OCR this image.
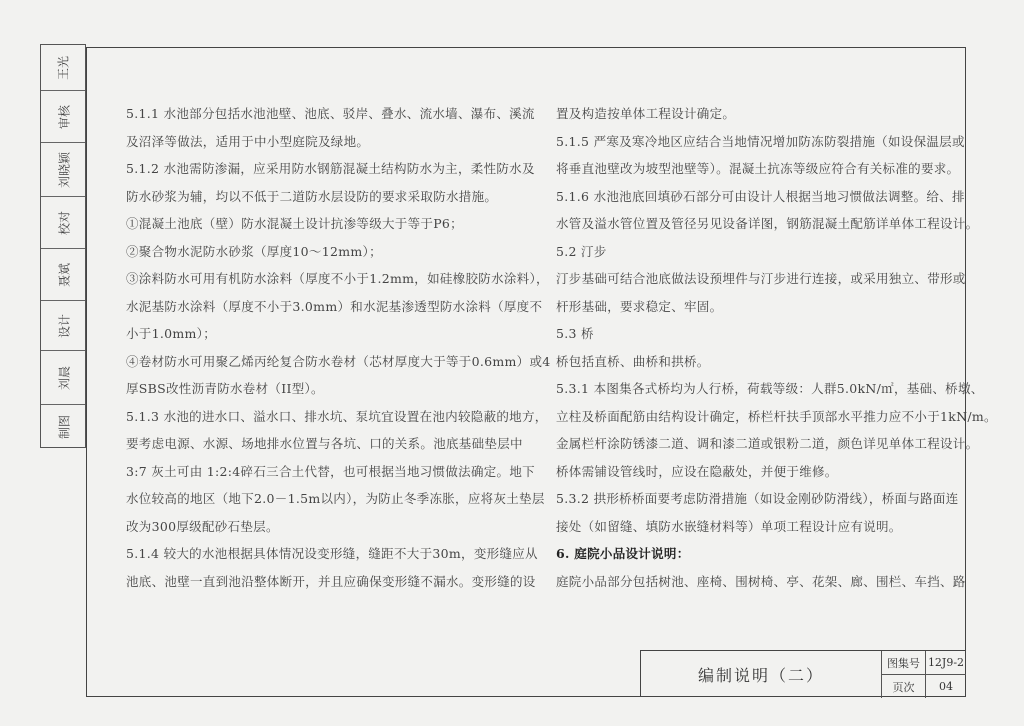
王光
审核
刘晓颖
校对
聂斌
设计
刘晨
制图

5.1.1 水池部分包括水池池壁、池底、驳岸、叠水、流水墙、瀑布、溪流

及沼泽等做法，适用于中小型庭院及绿地。

5.1.2 水池需防渗漏，应采用防水钢筋混凝土结构防水为主，柔性防水及

防水砂浆为辅，均以不低于二道防水层设防的要求采取防水措施。

①混凝土池底（壁）防水混凝土设计抗渗等级大于等于P6；

②聚合物水泥防水砂浆（厚度10～12mm）；

③涂料防水可用有机防水涂料（厚度不小于1.2mm，如硅橡胶防水涂料），

水泥基防水涂料（厚度不小于3.0mm）和水泥基渗透型防水涂料（厚度不

小于1.0mm）；

④卷材防水可用聚乙烯丙纶复合防水卷材（芯材厚度大于等于0.6mm）或4

厚SBS改性沥青防水卷材（II型）。

5.1.3 水池的进水口、溢水口、排水坑、泵坑宜设置在池内较隐蔽的地方，

要考虑电源、水源、场地排水位置与各坑、口的关系。池底基础垫层中

3:7 灰土可由 1:2:4碎石三合土代替，也可根据当地习惯做法确定。地下

水位较高的地区（地下2.0－1.5m以内），为防止冬季冻胀，应将灰土垫层

改为300厚级配砂石垫层。

5.1.4 较大的水池根据具体情况设变形缝，缝距不大于30m，变形缝应从

池底、池壁一直到池沿整体断开，并且应确保变形缝不漏水。变形缝的设

置及构造按单体工程设计确定。

5.1.5 严寒及寒冷地区应结合当地情况增加防冻防裂措施（如设保温层或

将垂直池壁改为坡型池壁等）。混凝土抗冻等级应符合有关标准的要求。

5.1.6 水池池底回填砂石部分可由设计人根据当地习惯做法调整。给、排

水管及溢水管位置及管径另见设备详图，钢筋混凝土配筋详单体工程设计。

5.2 汀步

汀步基础可结合池底做法设预埋件与汀步进行连接，或采用独立、带形或

杆形基础，要求稳定、牢固。

5.3 桥

桥包括直桥、曲桥和拱桥。

5.3.1 本图集各式桥均为人行桥，荷载等级：人群5.0kN/㎡，基础、桥墩、

立柱及桥面配筋由结构设计确定，桥栏杆扶手顶部水平推力应不小于1kN/m。

金属栏杆涂防锈漆二道、调和漆二道或银粉二道，颜色详见单体工程设计。

桥体需铺设管线时，应设在隐蔽处，并便于维修。

5.3.2 拱形桥桥面要考虑防滑措施（如设金刚砂防滑线），桥面与路面连

接处（如留缝、填防水嵌缝材料等）单项工程设计应有说明。

6. 庭院小品设计说明：

庭院小品部分包括树池、座椅、围树椅、亭、花架、廊、围栏、车挡、路

编制说明（二）
图集号 12J9-2
页次	04
